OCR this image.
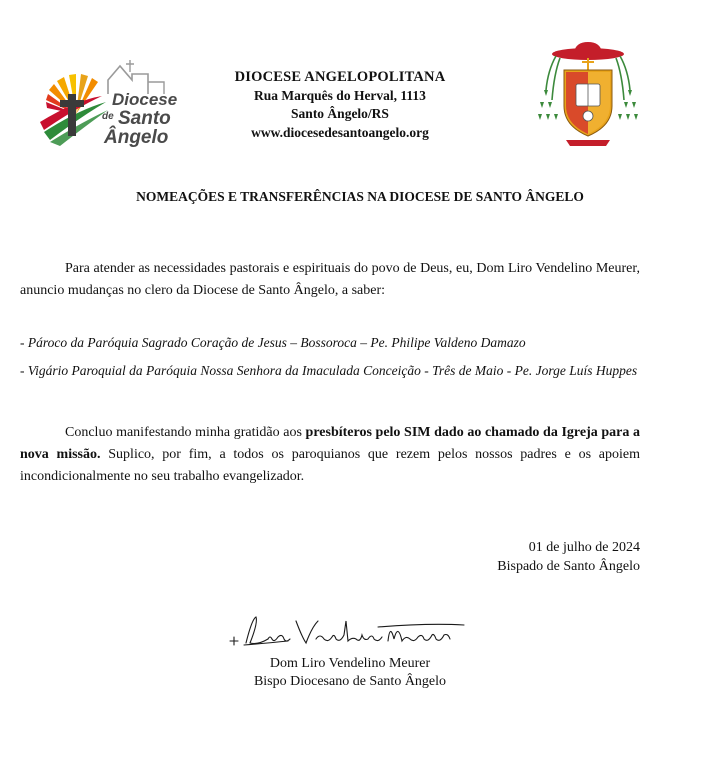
Diocese
de Santo
Ângelo
DIOCESE ANGELOPOLITANA
Rua Marquês do Herval, 1113
Santo Ângelo/RS
www.diocesedesantoangelo.org
NOMEAÇÕES E TRANSFERÊNCIAS NA DIOCESE DE SANTO ÂNGELO
Para atender as necessidades pastorais e espirituais do povo de Deus, eu, Dom Liro Vendelino Meurer, anuncio mudanças no clero da Diocese de Santo Ângelo, a saber:
- Pároco da Paróquia Sagrado Coração de Jesus – Bossoroca – Pe. Philipe Valdeno Damazo
- Vigário Paroquial da Paróquia Nossa Senhora da Imaculada Conceição - Três de Maio - Pe. Jorge Luís Huppes
Concluo manifestando minha gratidão aos presbíteros pelo SIM dado ao chamado da Igreja para a nova missão. Suplico, por fim, a todos os paroquianos que rezem pelos nossos padres e os apoiem incondicionalmente no seu trabalho evangelizador.
01 de julho de 2024
Bispado de Santo Ângelo
Dom Liro Vendelino Meurer
Bispo Diocesano de Santo Ângelo
